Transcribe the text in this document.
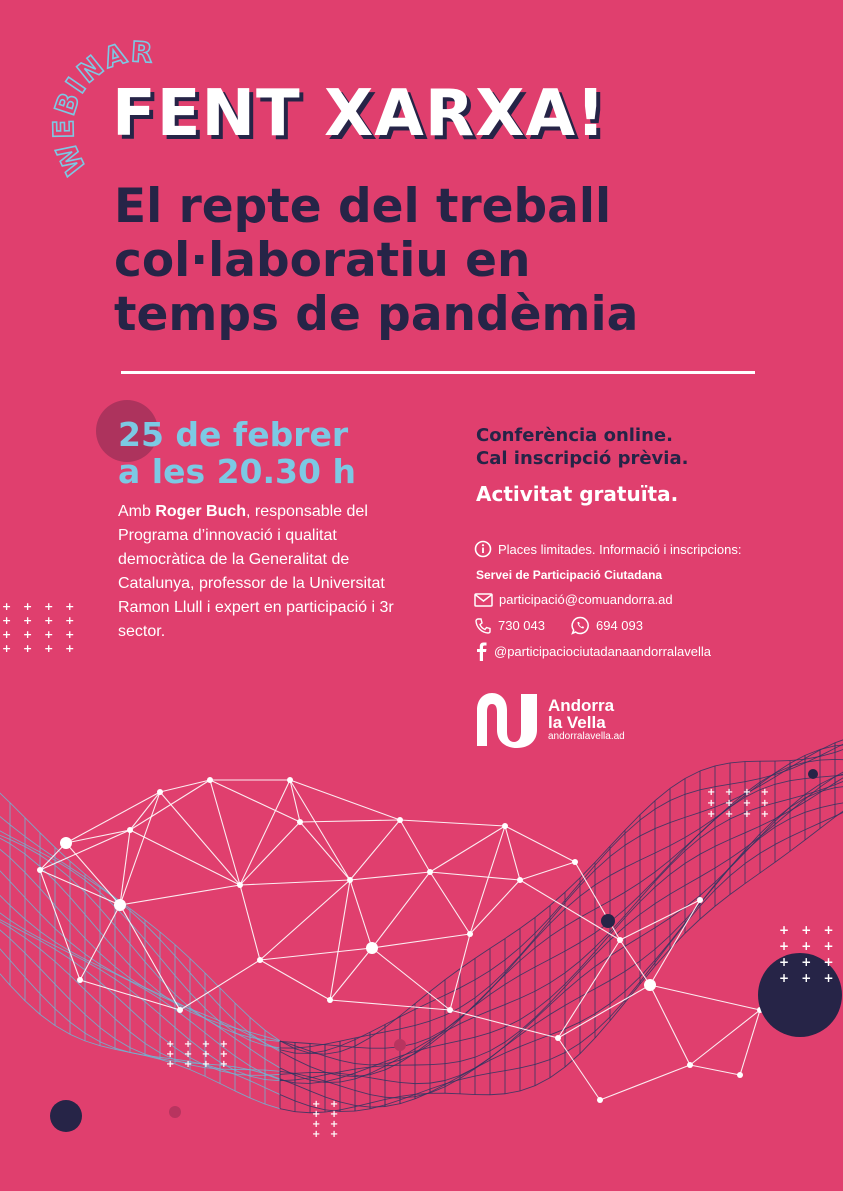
WEBINAR
FENT XARXA!
El repte del treball
col·laboratiu en
temps de pandèmia

25 de febrer
a les 20.30 h

Amb Roger Buch, responsable del Programa d’innovació i qualitat democràtica de la Generalitat de Catalunya, professor de la Universitat Ramon Llull i expert en participació i 3r sector.

Conferència online.
Cal inscripció prèvia.

Activitat gratuïta.

Places limitades. Informació i inscripcions:
Servei de Participació Ciutadana
participació@comuandorra.ad
730 043	694 093
@participaciociutadanaandorralavella
Andorra
la Vella
andorralavella.ad
+ + + +
+ + + +
+ + + +
+ + + +
+ + + +
+ + + +
+ + + +
+ + +
+ + +
+ + +
+ + +
+ + + +
+ + + +
+ + + +
+ +
+ +
+ +
+ +
